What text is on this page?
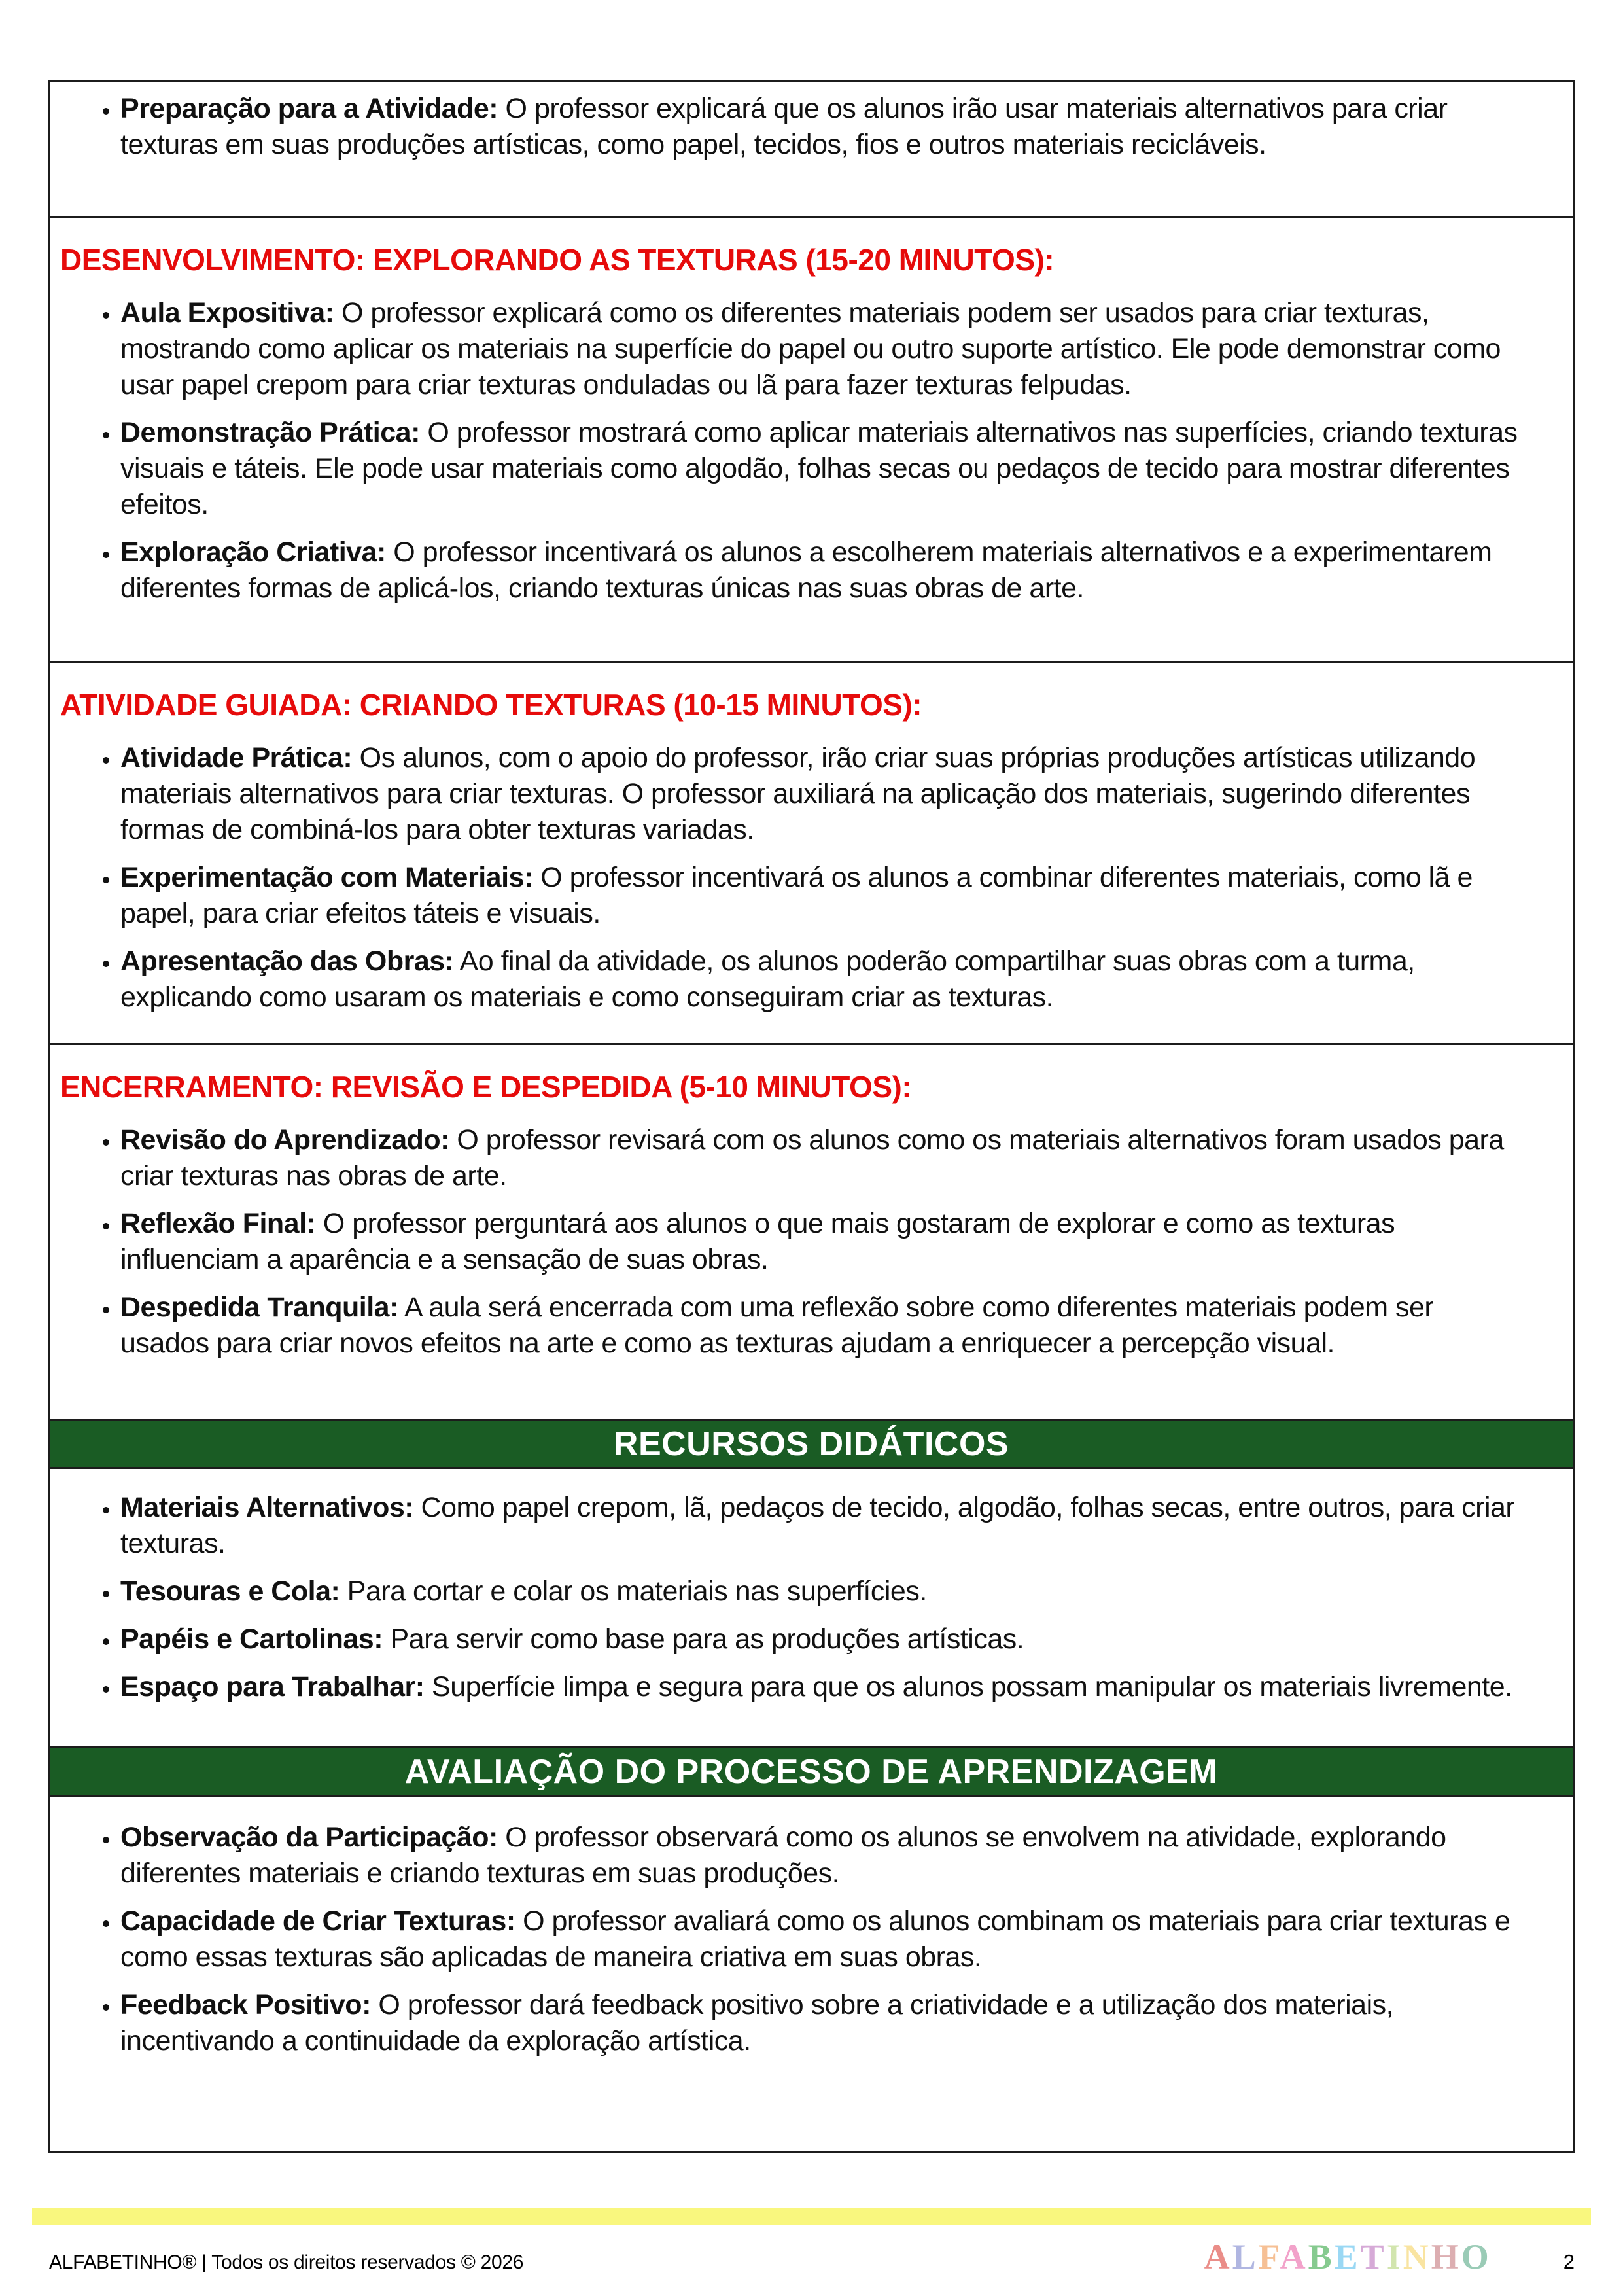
• Preparação para a Atividade: O professor explicará que os alunos irão usar materiais alternativos para criar texturas em suas produções artísticas, como papel, tecidos, fios e outros materiais recicláveis.
DESENVOLVIMENTO: EXPLORANDO AS TEXTURAS (15-20 MINUTOS):
• Aula Expositiva: O professor explicará como os diferentes materiais podem ser usados para criar texturas, mostrando como aplicar os materiais na superfície do papel ou outro suporte artístico. Ele pode demonstrar como usar papel crepom para criar texturas onduladas ou lã para fazer texturas felpudas.
• Demonstração Prática: O professor mostrará como aplicar materiais alternativos nas superfícies, criando texturas visuais e táteis. Ele pode usar materiais como algodão, folhas secas ou pedaços de tecido para mostrar diferentes efeitos.
• Exploração Criativa: O professor incentivará os alunos a escolherem materiais alternativos e a experimentarem diferentes formas de aplicá-los, criando texturas únicas nas suas obras de arte.
ATIVIDADE GUIADA: CRIANDO TEXTURAS (10-15 MINUTOS):
• Atividade Prática: Os alunos, com o apoio do professor, irão criar suas próprias produções artísticas utilizando materiais alternativos para criar texturas. O professor auxiliará na aplicação dos materiais, sugerindo diferentes formas de combiná-los para obter texturas variadas.
• Experimentação com Materiais: O professor incentivará os alunos a combinar diferentes materiais, como lã e papel, para criar efeitos táteis e visuais.
• Apresentação das Obras: Ao final da atividade, os alunos poderão compartilhar suas obras com a turma, explicando como usaram os materiais e como conseguiram criar as texturas.
ENCERRAMENTO: REVISÃO E DESPEDIDA (5-10 MINUTOS):
• Revisão do Aprendizado: O professor revisará com os alunos como os materiais alternativos foram usados para criar texturas nas obras de arte.
• Reflexão Final: O professor perguntará aos alunos o que mais gostaram de explorar e como as texturas influenciam a aparência e a sensação de suas obras.
• Despedida Tranquila: A aula será encerrada com uma reflexão sobre como diferentes materiais podem ser usados para criar novos efeitos na arte e como as texturas ajudam a enriquecer a percepção visual.
RECURSOS DIDÁTICOS
• Materiais Alternativos: Como papel crepom, lã, pedaços de tecido, algodão, folhas secas, entre outros, para criar texturas.
• Tesouras e Cola: Para cortar e colar os materiais nas superfícies.
• Papéis e Cartolinas: Para servir como base para as produções artísticas.
• Espaço para Trabalhar: Superfície limpa e segura para que os alunos possam manipular os materiais livremente.
AVALIAÇÃO DO PROCESSO DE APRENDIZAGEM
• Observação da Participação: O professor observará como os alunos se envolvem na atividade, explorando diferentes materiais e criando texturas em suas produções.
• Capacidade de Criar Texturas: O professor avaliará como os alunos combinam os materiais para criar texturas e como essas texturas são aplicadas de maneira criativa em suas obras.
• Feedback Positivo: O professor dará feedback positivo sobre a criatividade e a utilização dos materiais, incentivando a continuidade da exploração artística.
ALFABETINHO® | Todos os direitos reservados © 2026	ALFABETINHO	2
